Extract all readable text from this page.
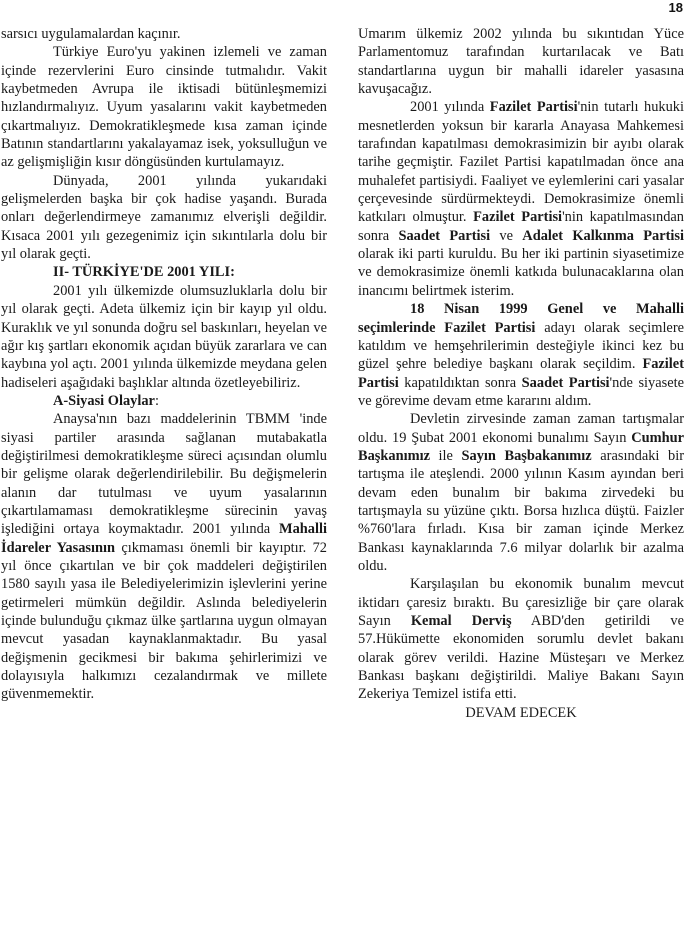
18

sarsıcı uygulamalardan kaçınır.

Türkiye Euro'yu yakinen izlemeli ve zaman içinde rezervlerini Euro cinsinde tutmalıdır. Vakit kaybetmeden Avrupa ile iktisadi bütünleşmemizi hızlandırmalıyız. Uyum yasalarını vakit kaybetmeden çıkartmalıyız. Demokratikleşmede kısa zaman içinde Batının standartlarını yakalayamaz isek, yoksulluğun ve az gelişmişliğin kısır döngüsünden kurtulamayız.

Dünyada, 2001 yılında yukarıdaki gelişmelerden başka bir çok hadise yaşandı. Burada onları değerlendirmeye zamanımız elverişli değildir. Kısaca 2001 yılı gezegenimiz için sıkıntılarla dolu bir yıl olarak geçti.

II- TÜRKİYE'DE 2001 YILI:

2001 yılı ülkemizde olumsuzluklarla dolu bir yıl olarak geçti. Adeta ülkemiz için bir kayıp yıl oldu. Kuraklık ve yıl sonunda doğru sel baskınları, heyelan ve ağır kış şartları ekonomik açıdan büyük zararlara ve can kaybına yol açtı. 2001 yılında ülkemizde meydana gelen hadiseleri aşağıdaki başlıklar altında özetleyebiliriz.

A-Siyasi Olaylar:

Anaysa'nın bazı maddelerinin TBMM 'inde siyasi partiler arasında sağlanan mutabakatla değiştirilmesi demokratikleşme süreci açısından olumlu bir gelişme olarak değerlendirilebilir. Bu değişmelerin alanın dar tutulması ve uyum yasalarının çıkartılamaması demokratikleşme sürecinin yavaş işlediğini ortaya koymaktadır. 2001 yılında Mahalli İdareler Yasasının çıkmaması önemli bir kayıptır. 72 yıl önce çıkartılan ve bir çok maddeleri değiştirilen 1580 sayılı yasa ile Belediyelerimizin işlevlerini yerine getirmeleri mümkün değildir. Aslında belediyelerin içinde bulunduğu çıkmaz ülke şartlarına uygun olmayan mevcut yasadan kaynaklanmaktadır. Bu yasal değişmenin gecikmesi bir bakıma şehirlerimizi ve dolayısıyla halkımızı cezalandırmak ve millete güvenmemektir.

Umarım ülkemiz 2002 yılında bu sıkıntıdan Yüce Parlamentomuz tarafından kurtarılacak ve Batı standartlarına uygun bir mahalli idareler yasasına kavuşacağız.

2001 yılında Fazilet Partisi'nin tutarlı hukuki mesnetlerden yoksun bir kararla Anayasa Mahkemesi tarafından kapatılması demokrasimizin bir ayıbı olarak tarihe geçmiştir. Fazilet Partisi kapatılmadan önce ana muhalefet partisiydi. Faaliyet ve eylemlerini cari yasalar çerçevesinde sürdürmekteydi. Demokrasimize önemli katkıları olmuştur. Fazilet Partisi'nin kapatılmasından sonra Saadet Partisi ve Adalet Kalkınma Partisi olarak iki parti kuruldu. Bu her iki partinin siyasetimize ve demokrasimize önemli katkıda bulunacaklarına olan inancımı belirtmek isterim.

18 Nisan 1999 Genel ve Mahalli seçimlerinde Fazilet Partisi adayı olarak seçimlere katıldım ve hemşehrilerimin desteğiyle ikinci kez bu güzel şehre belediye başkanı olarak seçildim. Fazilet Partisi kapatıldıktan sonra Saadet Partisi'nde siyasete ve görevime devam etme kararını aldım.

Devletin zirvesinde zaman zaman tartışmalar oldu. 19 Şubat 2001 ekonomi bunalımı Sayın Cumhur Başkanımız ile Sayın Başbakanımız arasındaki bir tartışma ile ateşlendi. 2000 yılının Kasım ayından beri devam eden bunalım bir bakıma zirvedeki bu tartışmayla su yüzüne çıktı. Borsa hızlıca düştü. Faizler %760'lara fırladı. Kısa bir zaman içinde Merkez Bankası kaynaklarında 7.6 milyar dolarlık bir azalma oldu.

Karşılaşılan bu ekonomik bunalım mevcut iktidarı çaresiz bıraktı. Bu çaresizliğe bir çare olarak Sayın Kemal Derviş ABD'den getirildi ve 57.Hükümette ekonomiden sorumlu devlet bakanı olarak görev verildi. Hazine Müsteşarı ve Merkez Bankası başkanı değiştirildi. Maliye Bakanı Sayın Zekeriya Temizel istifa etti.

DEVAM EDECEK
